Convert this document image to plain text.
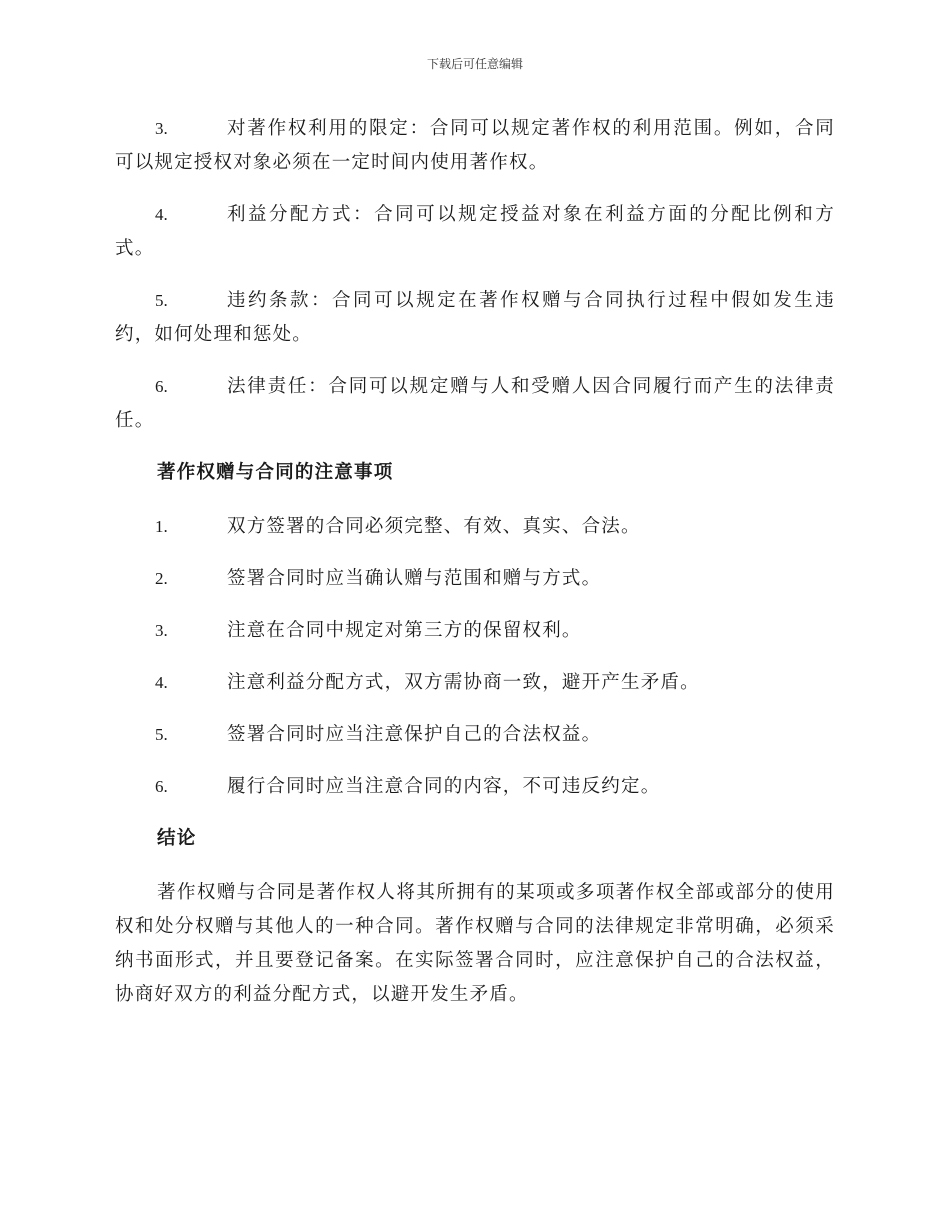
下载后可任意编辑
3.	对著作权利用的限定：合同可以规定著作权的利用范围。例如，合同可以规定授权对象必须在一定时间内使用著作权。
4.	利益分配方式：合同可以规定授益对象在利益方面的分配比例和方式。
5.	违约条款：合同可以规定在著作权赠与合同执行过程中假如发生违约，如何处理和惩处。
6.	法律责任：合同可以规定赠与人和受赠人因合同履行而产生的法律责任。
著作权赠与合同的注意事项
1.	双方签署的合同必须完整、有效、真实、合法。
2.	签署合同时应当确认赠与范围和赠与方式。
3.	注意在合同中规定对第三方的保留权利。
4.	注意利益分配方式，双方需协商一致，避开产生矛盾。
5.	签署合同时应当注意保护自己的合法权益。
6.	履行合同时应当注意合同的内容，不可违反约定。
结论

著作权赠与合同是著作权人将其所拥有的某项或多项著作权全部或部分的使用权和处分权赠与其他人的一种合同。著作权赠与合同的法律规定非常明确，必须采纳书面形式，并且要登记备案。在实际签署合同时，应注意保护自己的合法权益，协商好双方的利益分配方式，以避开发生矛盾。
